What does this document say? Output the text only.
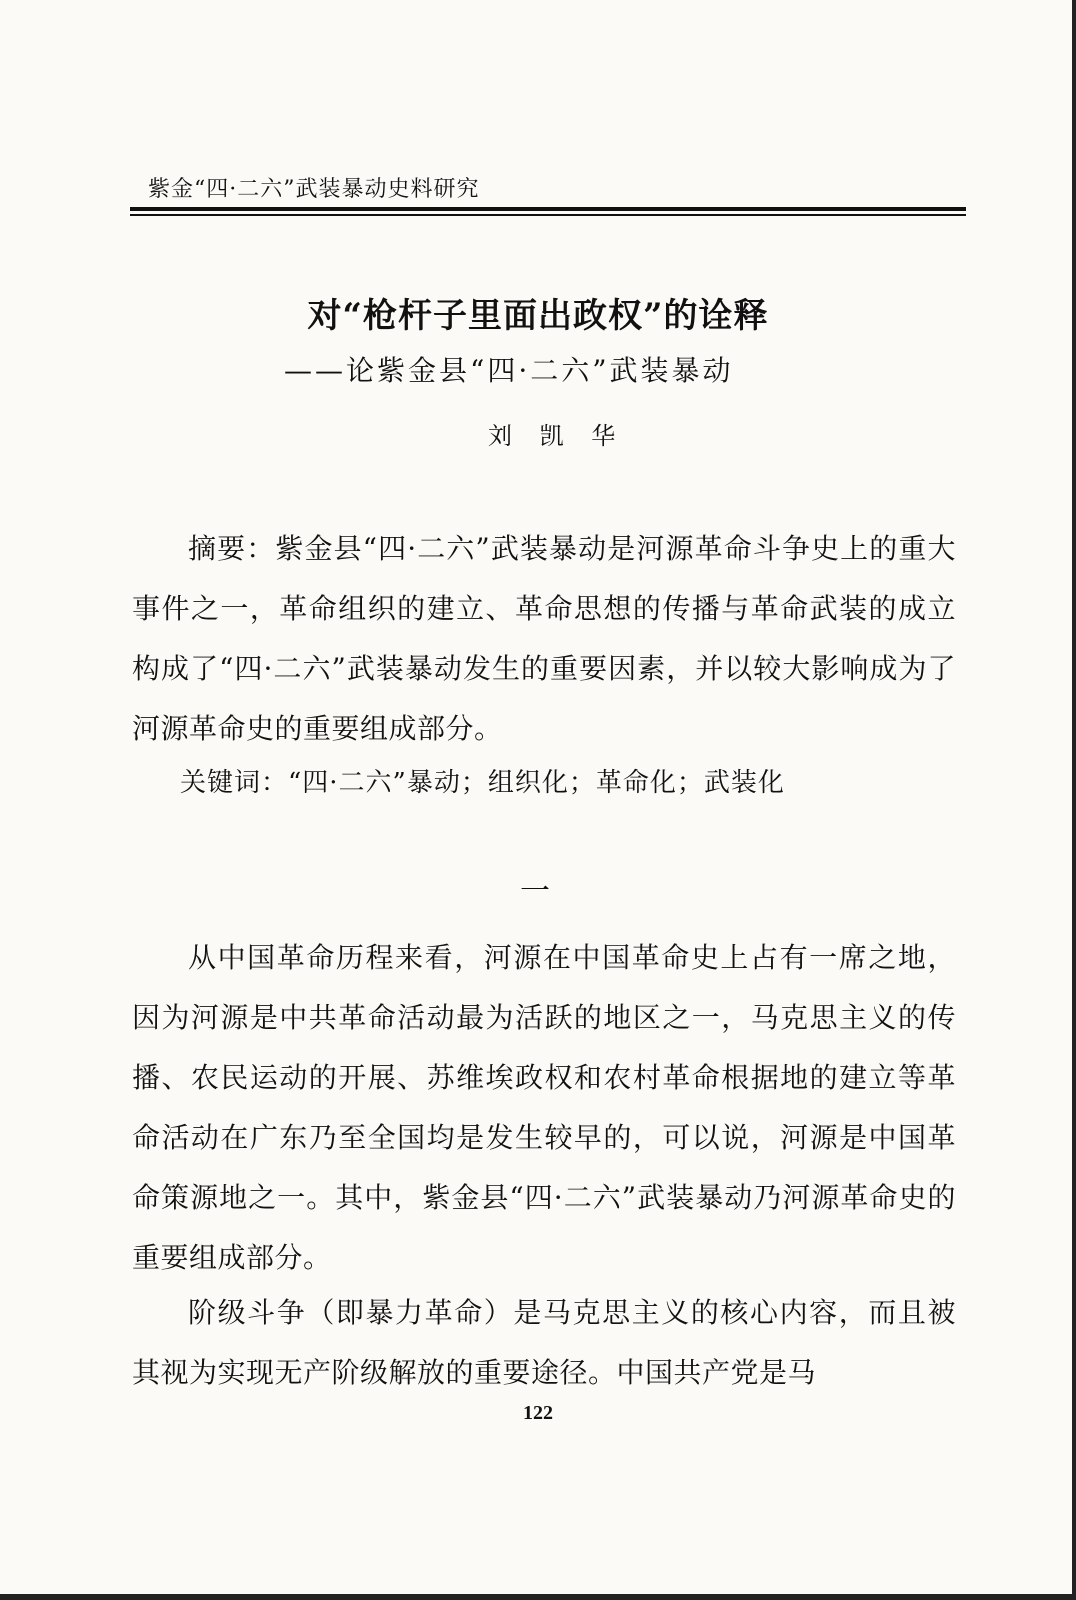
紫金“四·二六”武装暴动史料研究
对“枪杆子里面出政权”的诠释
——论紫金县“四·二六”武装暴动
刘 凯 华

摘要：紫金县“四·二六”武装暴动是河源革命斗争史上的重大事件之一，革命组织的建立、革命思想的传播与革命武装的成立构成了“四·二六”武装暴动发生的重要因素，并以较大影响成为了河源革命史的重要组成部分。

关键词：“四·二六”暴动；组织化；革命化；武装化
一

从中国革命历程来看，河源在中国革命史上占有一席之地，因为河源是中共革命活动最为活跃的地区之一，马克思主义的传播、农民运动的开展、苏维埃政权和农村革命根据地的建立等革命活动在广东乃至全国均是发生较早的，可以说，河源是中国革命策源地之一。其中，紫金县“四·二六”武装暴动乃河源革命史的重要组成部分。

阶级斗争（即暴力革命）是马克思主义的核心内容，而且被其视为实现无产阶级解放的重要途径。中国共产党是马

122
